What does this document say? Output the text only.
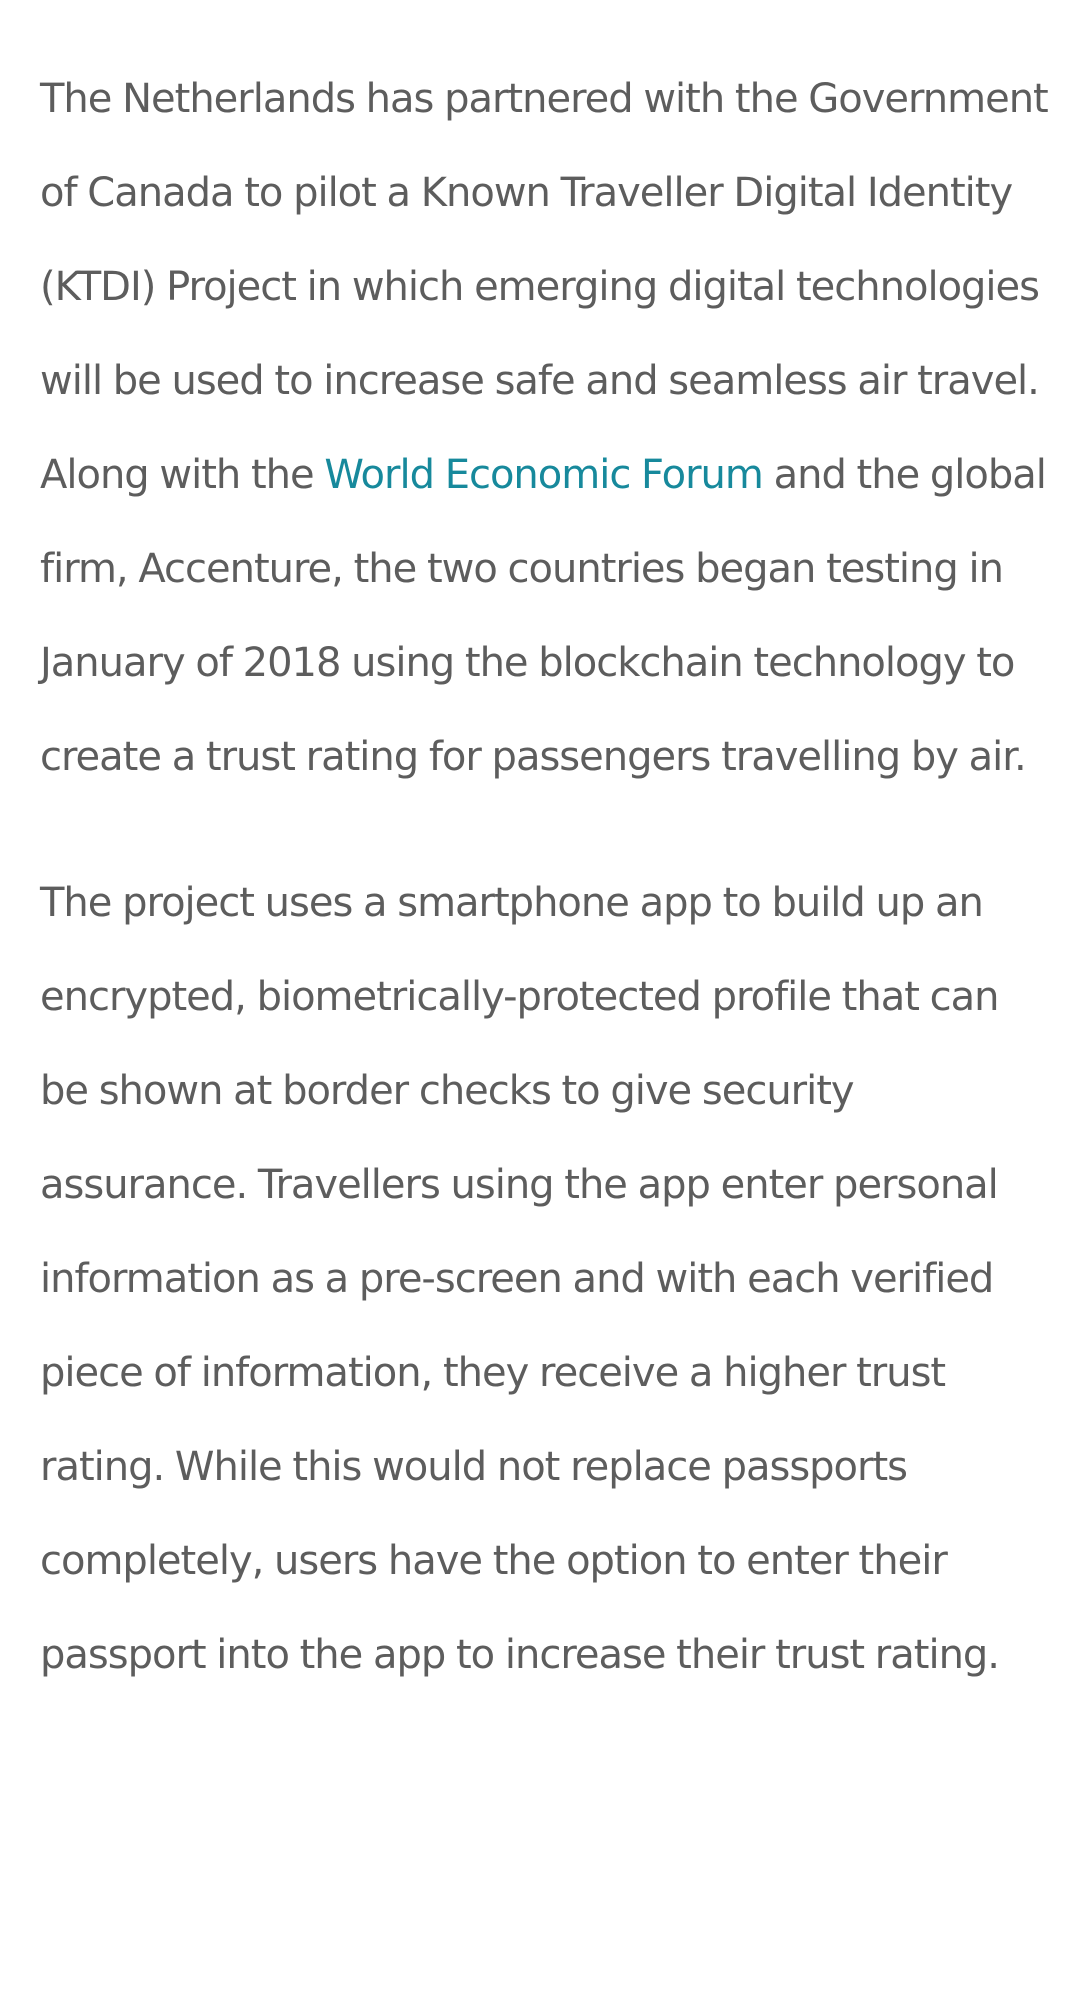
The Netherlands has partnered with the Government of Canada to pilot a Known Traveller Digital Identity (KTDI) Project in which emerging digital technologies will be used to increase safe and seamless air travel. Along with the World Economic Forum and the global firm, Accenture, the two countries began testing in January of 2018 using the blockchain technology to create a trust rating for passengers travelling by air.

The project uses a smartphone app to build up an encrypted, biometrically-protected profile that can be shown at border checks to give security assurance. Travellers using the app enter personal information as a pre-screen and with each verified piece of information, they receive a higher trust rating. While this would not replace passports completely, users have the option to enter their passport into the app to increase their trust rating.
